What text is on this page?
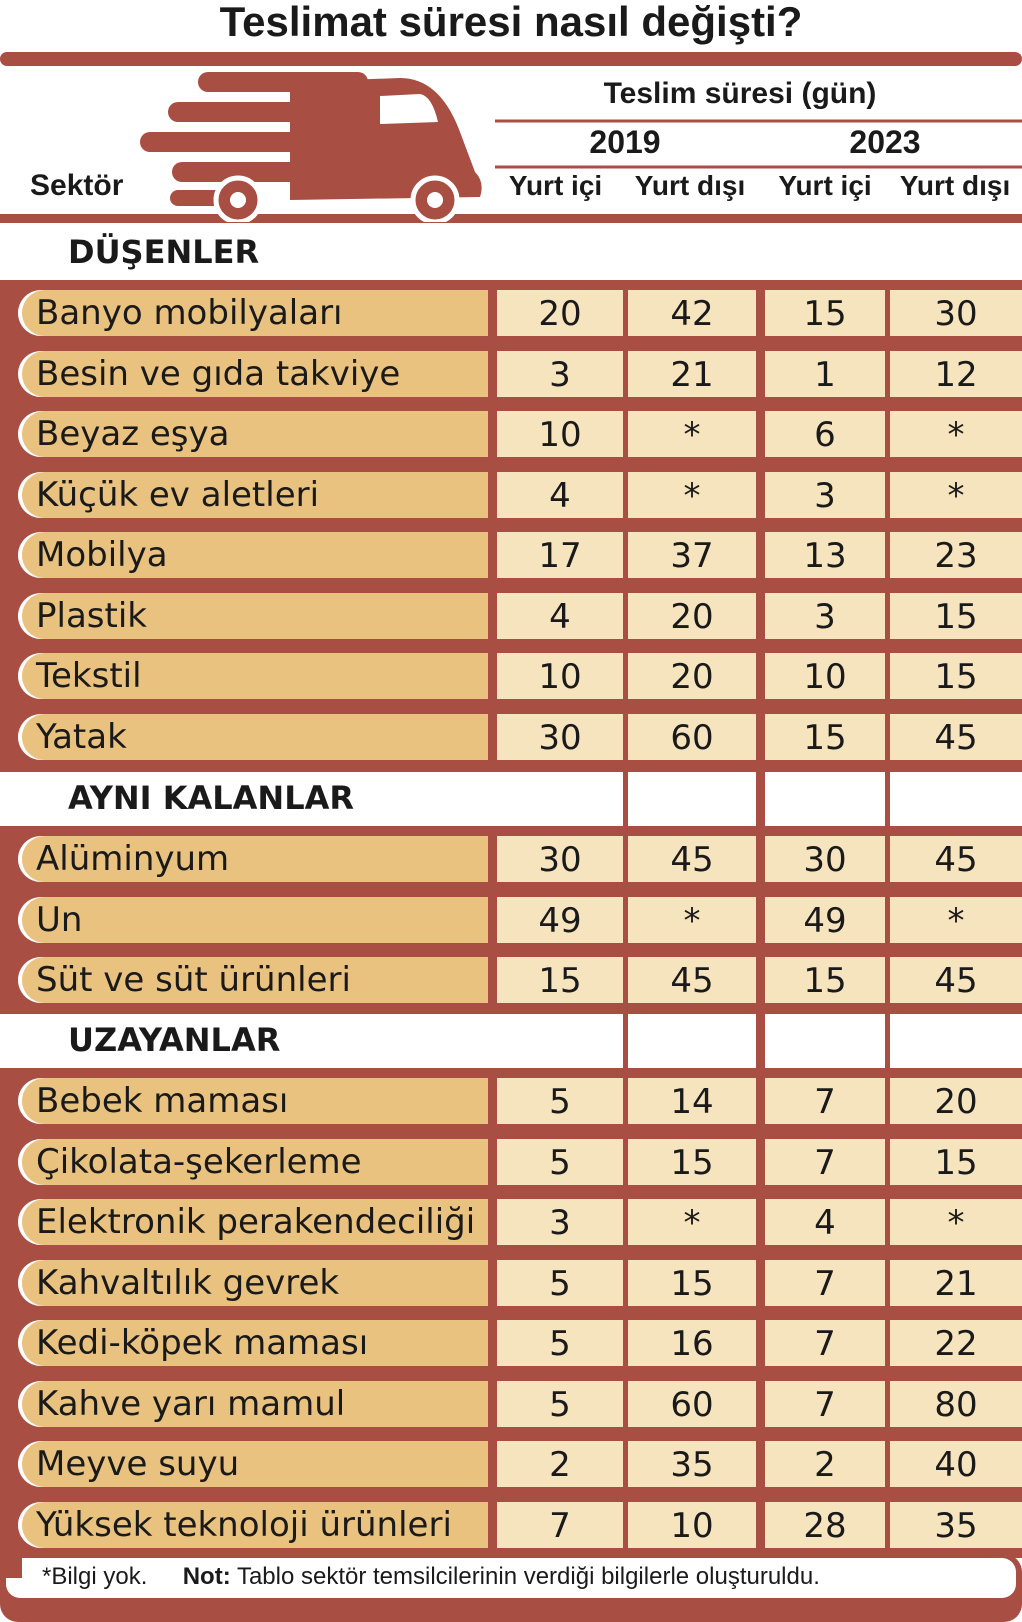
Teslimat süresi nasıl değişti?
Sektör
Teslim süresi (gün)
2019	2023
Yurt içi	Yurt dışı	Yurt içi	Yurt dışı
DÜŞENLER
Banyo mobilyaları	20	42	15	30
Besin ve gıda takviye	3	21	1	12
Beyaz eşya	10	*	6	*
Küçük ev aletleri	4	*	3	*
Mobilya	17	37	13	23
Plastik	4	20	3	15
Tekstil	10	20	10	15
Yatak	30	60	15	45
AYNI KALANLAR
Alüminyum	30	45	30	45
Un	49	*	49	*
Süt ve süt ürünleri	15	45	15	45
UZAYANLAR
Bebek maması	5	14	7	20
Çikolata-şekerleme	5	15	7	15
Elektronik perakendeciliği	3	*	4	*
Kahvaltılık gevrek	5	15	7	21
Kedi-köpek maması	5	16	7	22
Kahve yarı mamul	5	60	7	80
Meyve suyu	2	35	2	40
Yüksek teknoloji ürünleri	7	10	28	35
*Bilgi yok. Not: Tablo sektör temsilcilerinin verdiği bilgilerle oluşturuldu.
